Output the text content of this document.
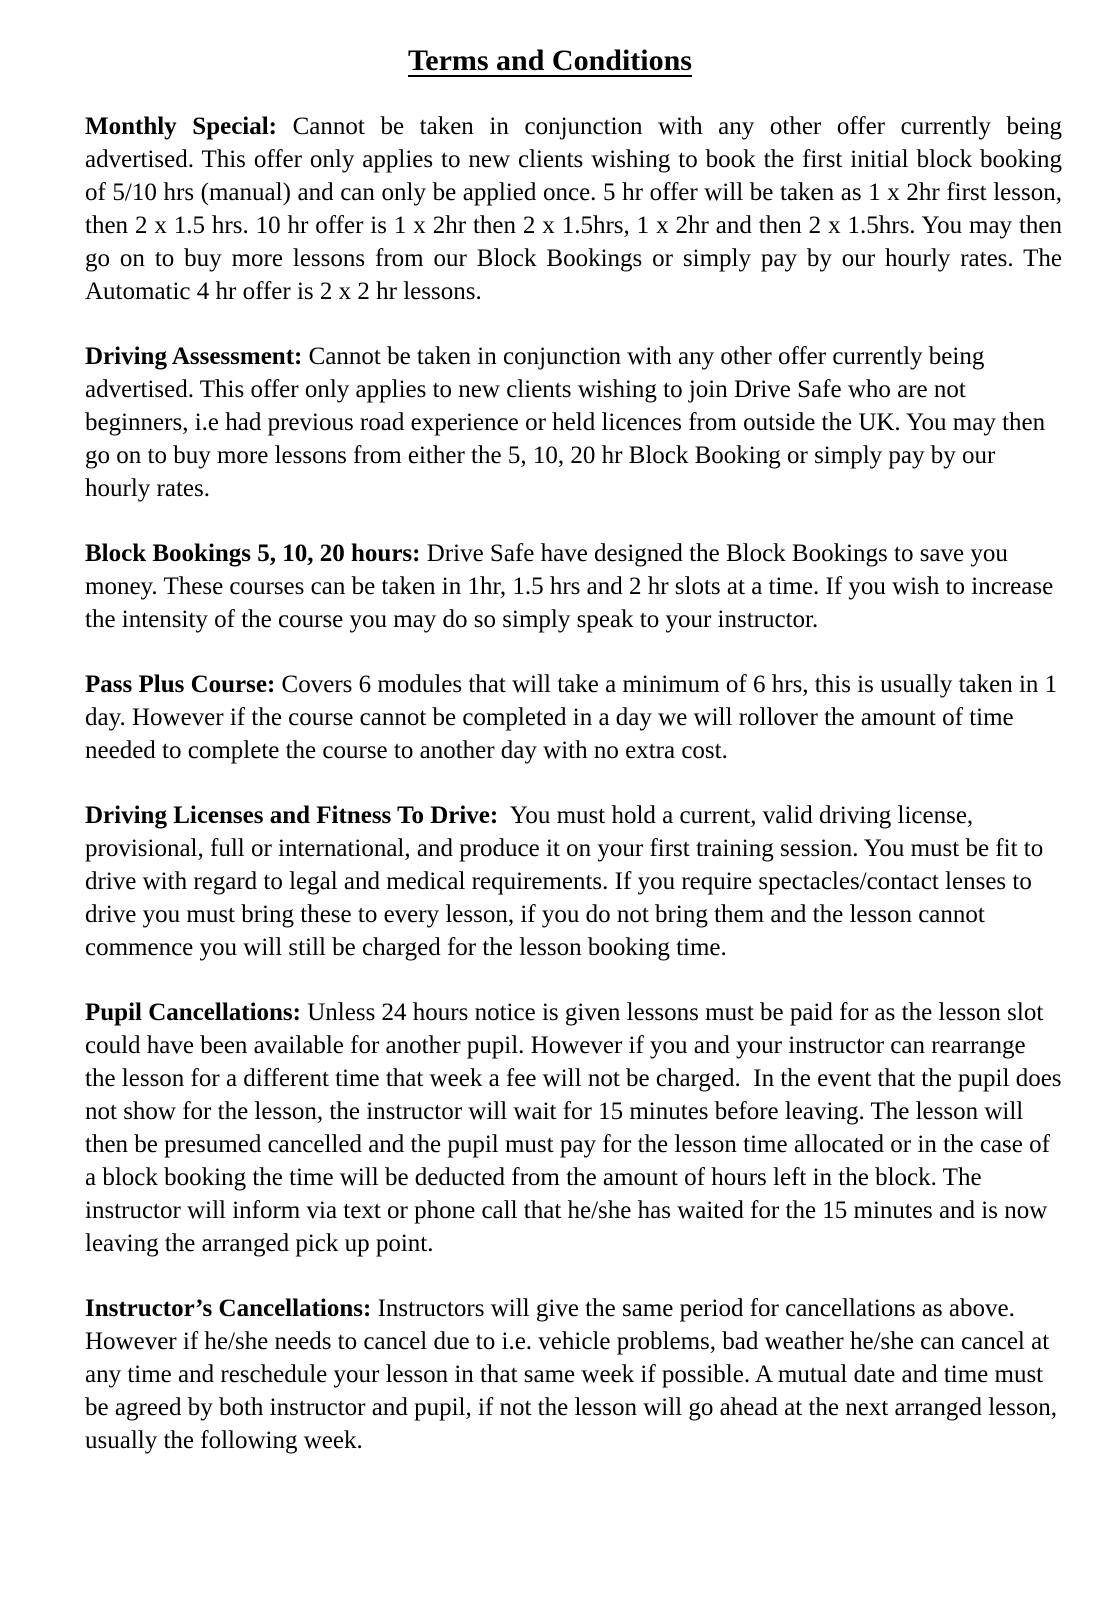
Terms and Conditions

Monthly Special: Cannot be taken in conjunction with any other offer currently being advertised. This offer only applies to new clients wishing to book the first initial block booking of 5/10 hrs (manual) and can only be applied once. 5 hr offer will be taken as 1 x 2hr first lesson, then 2 x 1.5 hrs. 10 hr offer is 1 x 2hr then 2 x 1.5hrs, 1 x 2hr and then 2 x 1.5hrs. You may then go on to buy more lessons from our Block Bookings or simply pay by our hourly rates. The Automatic 4 hr offer is 2 x 2 hr lessons.

Driving Assessment: Cannot be taken in conjunction with any other offer currently being advertised. This offer only applies to new clients wishing to join Drive Safe who are not beginners, i.e had previous road experience or held licences from outside the UK. You may then go on to buy more lessons from either the 5, 10, 20 hr Block Booking or simply pay by our hourly rates.

Block Bookings 5, 10, 20 hours: Drive Safe have designed the Block Bookings to save you money. These courses can be taken in 1hr, 1.5 hrs and 2 hr slots at a time. If you wish to increase the intensity of the course you may do so simply speak to your instructor.

Pass Plus Course: Covers 6 modules that will take a minimum of 6 hrs, this is usually taken in 1 day. However if the course cannot be completed in a day we will rollover the amount of time needed to complete the course to another day with no extra cost.

Driving Licenses and Fitness To Drive:  You must hold a current, valid driving license, provisional, full or international, and produce it on your first training session. You must be fit to drive with regard to legal and medical requirements. If you require spectacles/contact lenses to drive you must bring these to every lesson, if you do not bring them and the lesson cannot commence you will still be charged for the lesson booking time.

Pupil Cancellations: Unless 24 hours notice is given lessons must be paid for as the lesson slot could have been available for another pupil. However if you and your instructor can rearrange the lesson for a different time that week a fee will not be charged.  In the event that the pupil does not show for the lesson, the instructor will wait for 15 minutes before leaving. The lesson will then be presumed cancelled and the pupil must pay for the lesson time allocated or in the case of a block booking the time will be deducted from the amount of hours left in the block. The instructor will inform via text or phone call that he/she has waited for the 15 minutes and is now leaving the arranged pick up point.

Instructor’s Cancellations: Instructors will give the same period for cancellations as above. However if he/she needs to cancel due to i.e. vehicle problems, bad weather he/she can cancel at any time and reschedule your lesson in that same week if possible. A mutual date and time must be agreed by both instructor and pupil, if not the lesson will go ahead at the next arranged lesson, usually the following week.
